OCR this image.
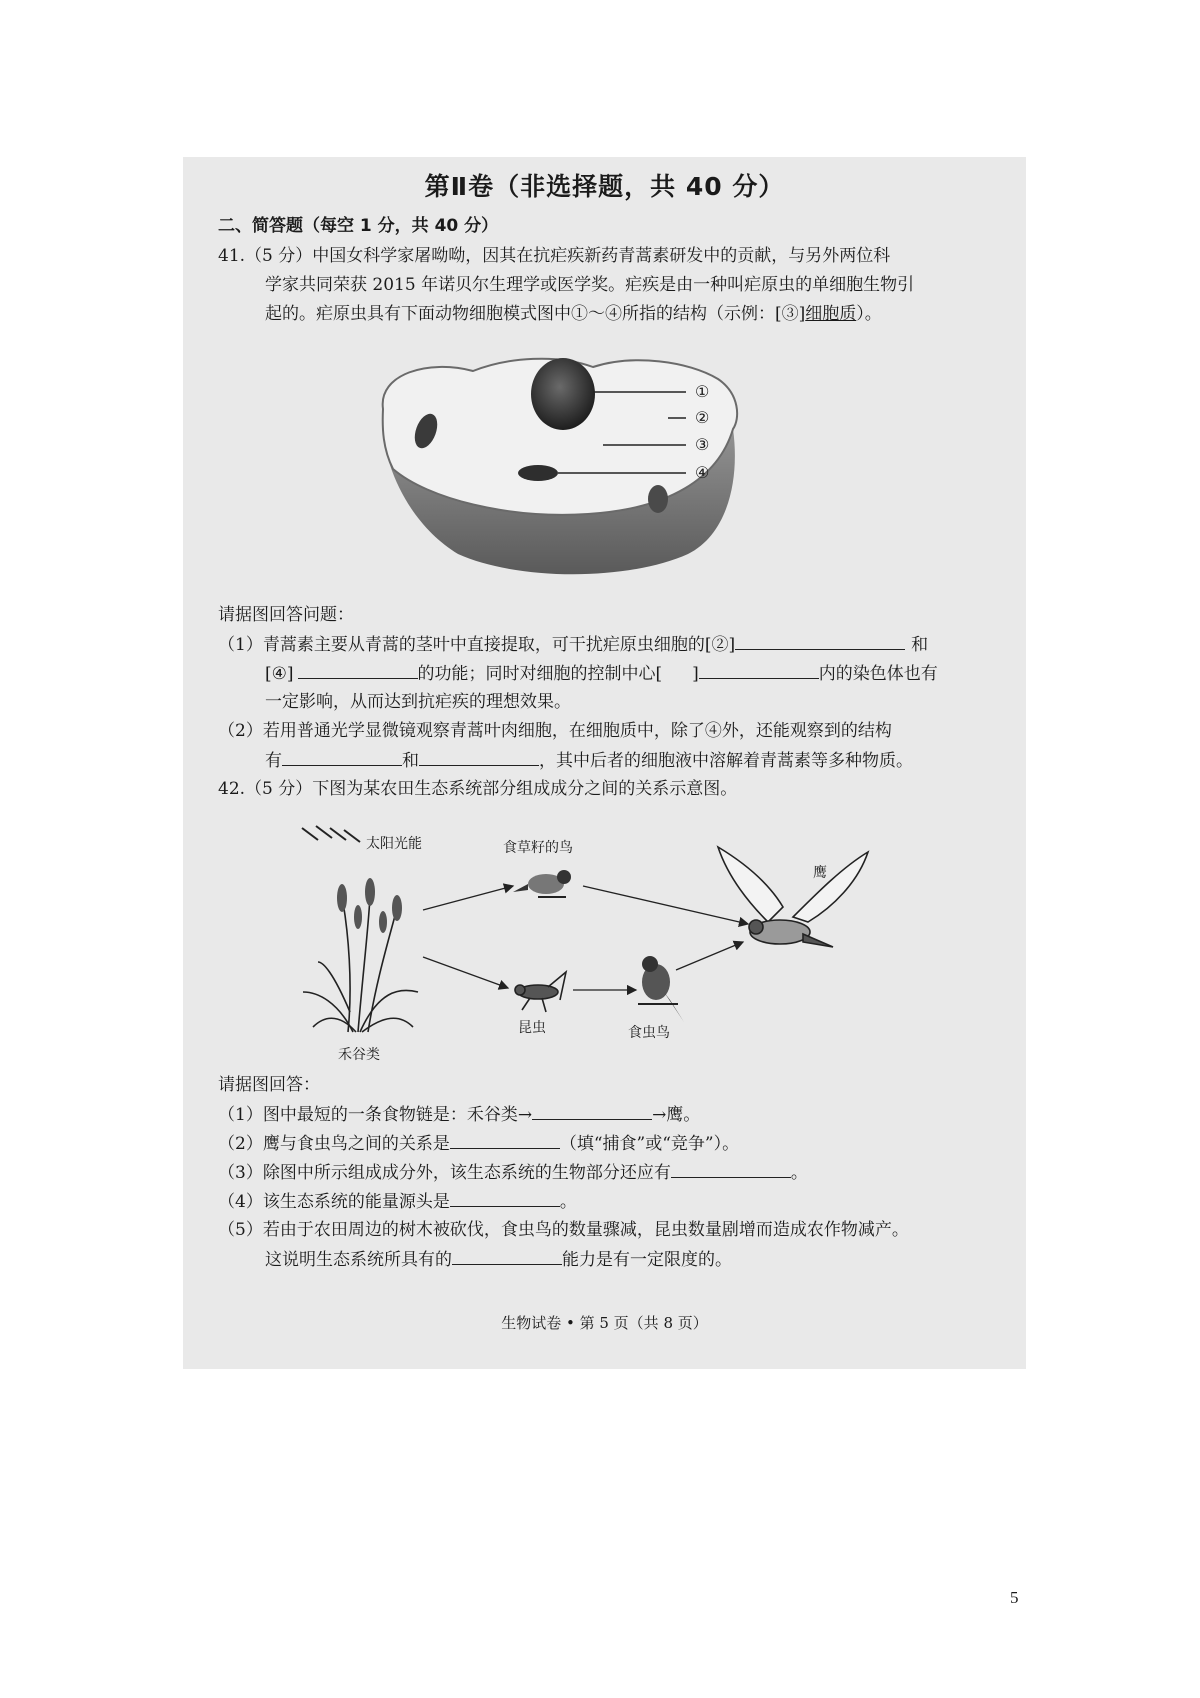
第Ⅱ卷（非选择题，共 40 分）
二、简答题（每空 1 分，共 40 分）
41.（5 分）中国女科学家屠呦呦，因其在抗疟疾新药青蒿素研发中的贡献，与另外两位科
学家共同荣获 2015 年诺贝尔生理学或医学奖。疟疾是由一种叫疟原虫的单细胞生物引
起的。疟原虫具有下面动物细胞模式图中①～④所指的结构（示例：[③]细胞质）。
①
②
③
④
请据图回答问题：
（1）青蒿素主要从青蒿的茎叶中直接提取，可干扰疟原虫细胞的[②]	和
[④]	的功能；同时对细胞的控制中心[ ]	内的染色体也有
一定影响，从而达到抗疟疾的理想效果。
（2）若用普通光学显微镜观察青蒿叶肉细胞，在细胞质中，除了④外，还能观察到的结构
有	和	，其中后者的细胞液中溶解着青蒿素等多种物质。
42.（5 分）下图为某农田生态系统部分组成成分之间的关系示意图。
太阳光能
禾谷类
食草籽的鸟
昆虫	食虫鸟
鹰
请据图回答：
（1）图中最短的一条食物链是：禾谷类→	→鹰。
（2）鹰与食虫鸟之间的关系是	（填“捕食”或“竞争”）。
（3）除图中所示组成成分外，该生态系统的生物部分还应有	。
（4）该生态系统的能量源头是	。
（5）若由于农田周边的树木被砍伐，食虫鸟的数量骤减，昆虫数量剧增而造成农作物减产。
这说明生态系统所具有的	能力是有一定限度的。
生物试卷 • 第 5 页（共 8 页）
5
